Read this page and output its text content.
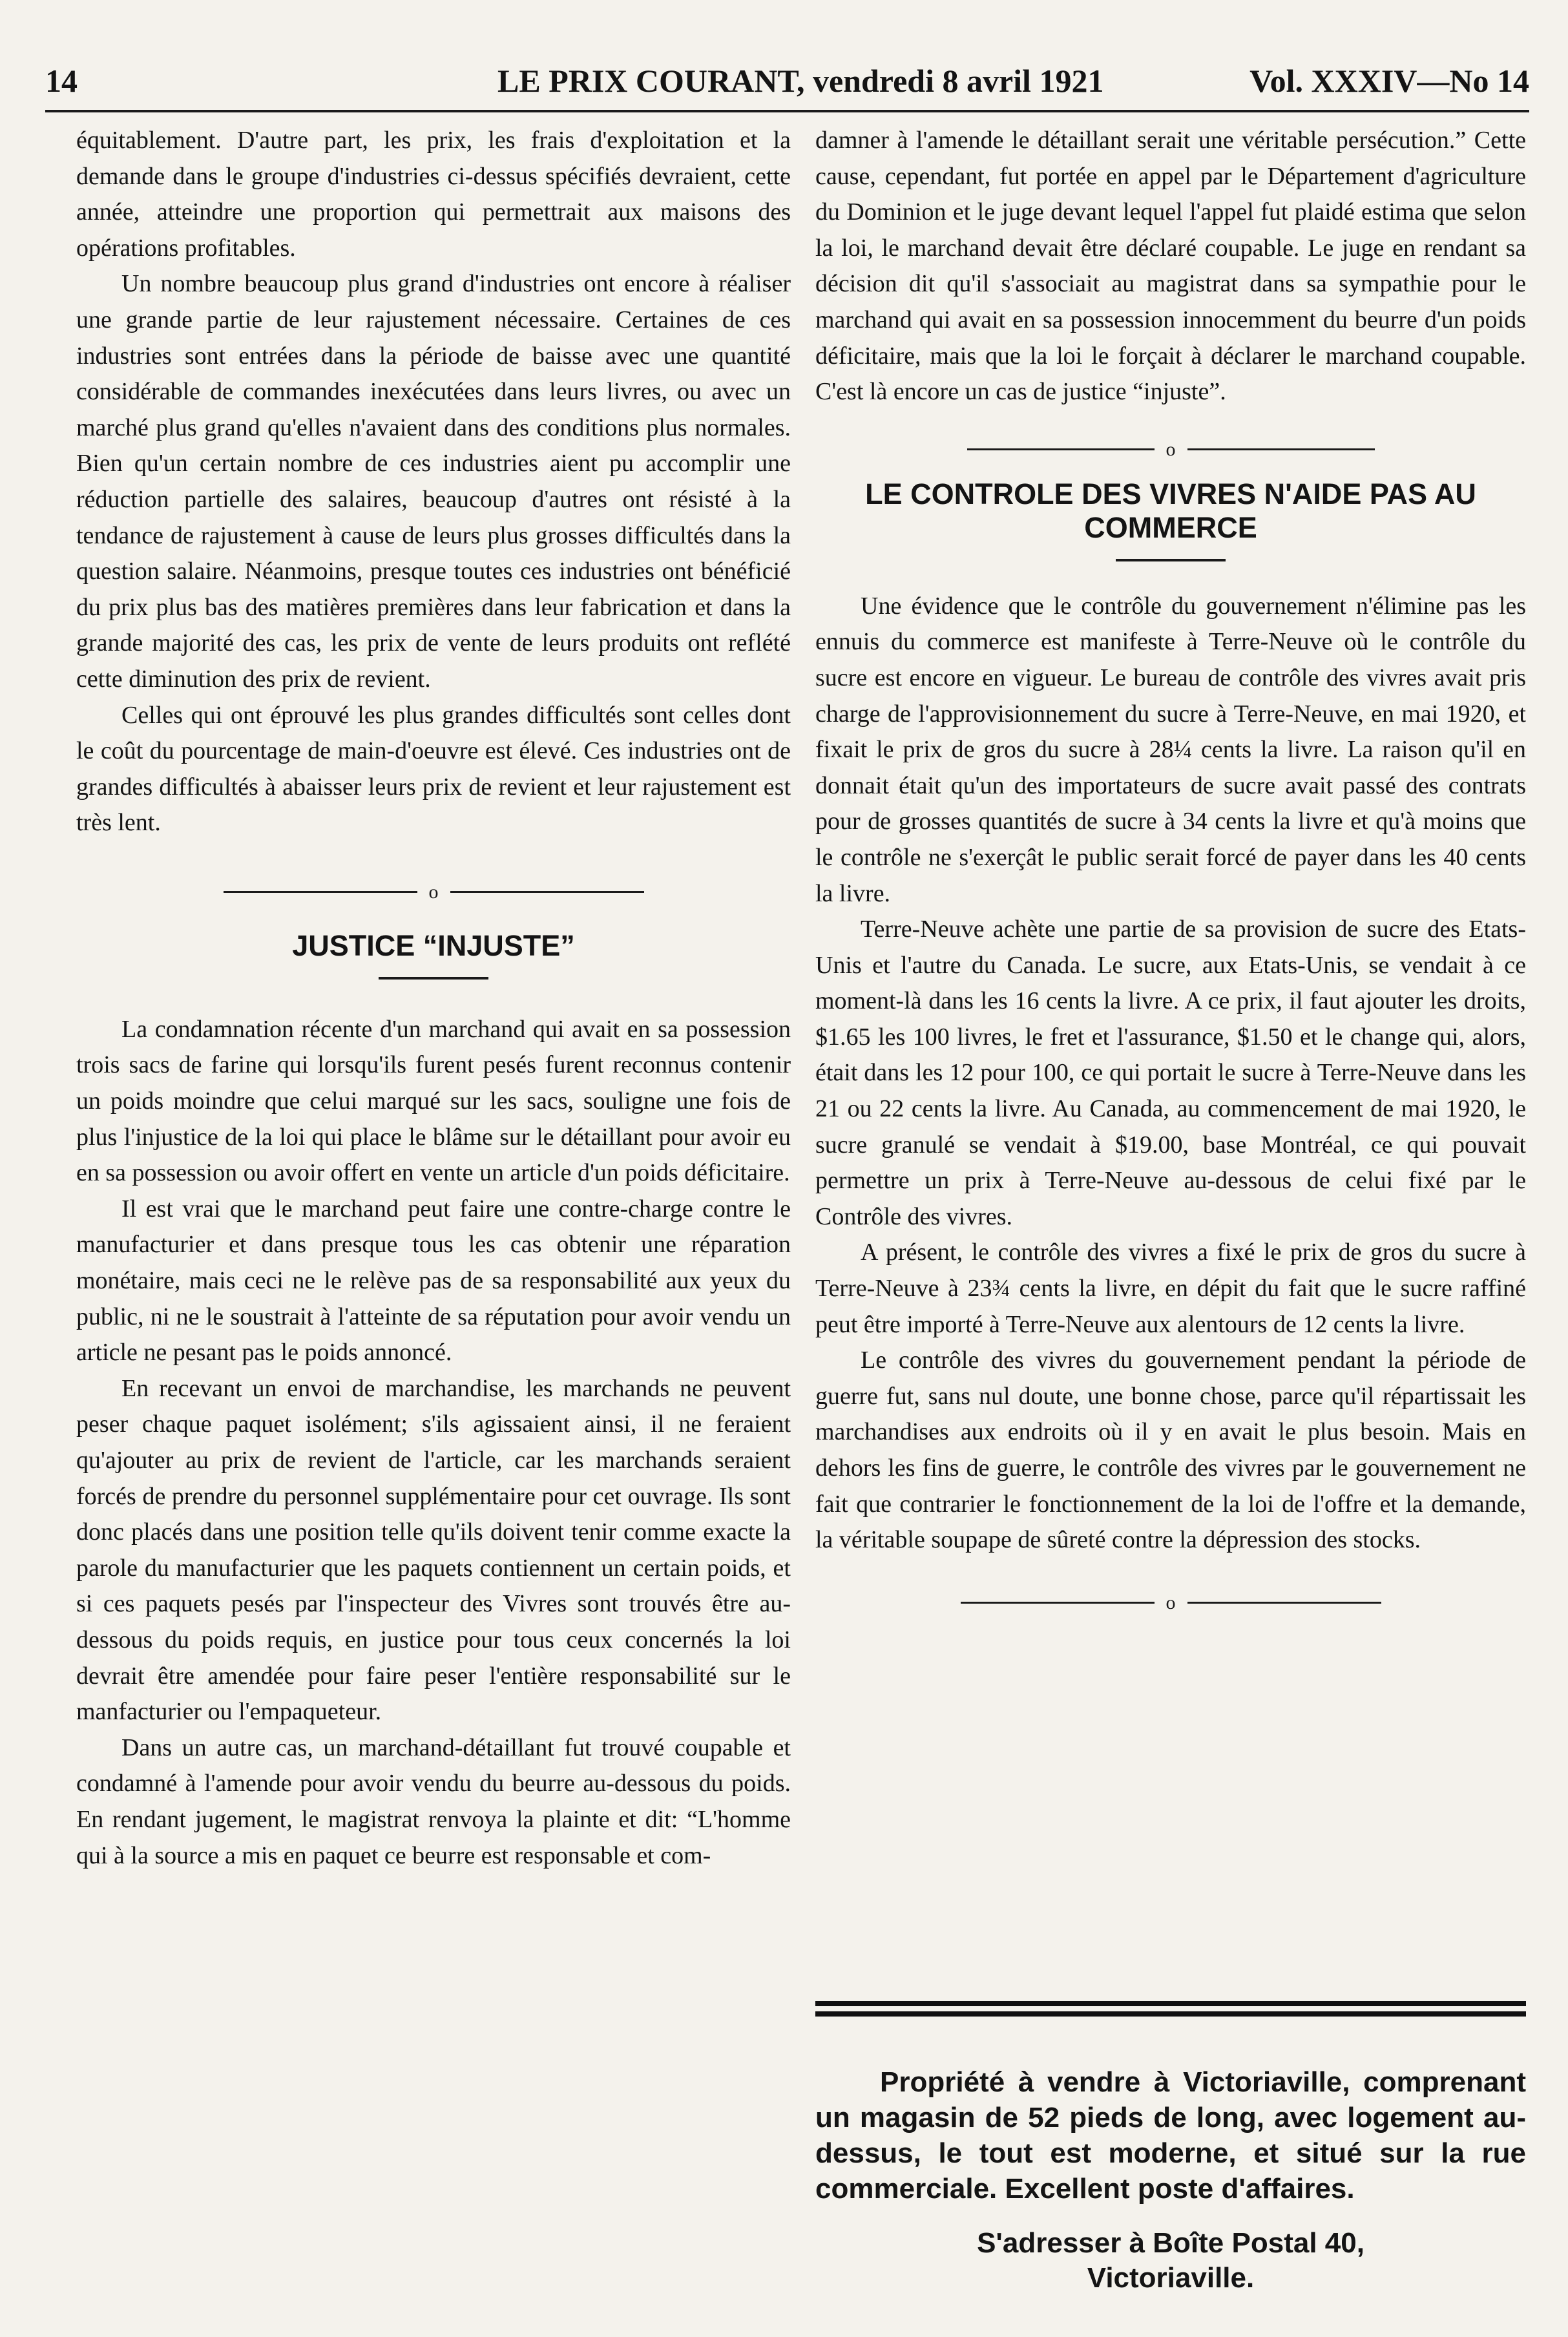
14	LE PRIX COURANT, vendredi 8 avril 1921	Vol. XXXIV—No 14

équitablement. D'autre part, les prix, les frais d'exploitation et la demande dans le groupe d'industries ci-dessus spécifiés devraient, cette année, atteindre une proportion qui permettrait aux maisons des opérations profitables.

Un nombre beaucoup plus grand d'industries ont encore à réaliser une grande partie de leur rajustement nécessaire. Certaines de ces industries sont entrées dans la période de baisse avec une quantité considérable de commandes inexécutées dans leurs livres, ou avec un marché plus grand qu'elles n'avaient dans des conditions plus normales. Bien qu'un certain nombre de ces industries aient pu accomplir une réduction partielle des salaires, beaucoup d'autres ont résisté à la tendance de rajustement à cause de leurs plus grosses difficultés dans la question salaire. Néanmoins, presque toutes ces industries ont bénéficié du prix plus bas des matières premières dans leur fabrication et dans la grande majorité des cas, les prix de vente de leurs produits ont reflété cette diminution des prix de revient.

Celles qui ont éprouvé les plus grandes difficultés sont celles dont le coût du pourcentage de main-d'oeuvre est élevé. Ces industries ont de grandes difficultés à abaisser leurs prix de revient et leur rajustement est très lent.

o
JUSTICE “INJUSTE”

La condamnation récente d'un marchand qui avait en sa possession trois sacs de farine qui lorsqu'ils furent pesés furent reconnus contenir un poids moindre que celui marqué sur les sacs, souligne une fois de plus l'injustice de la loi qui place le blâme sur le détaillant pour avoir eu en sa possession ou avoir offert en vente un article d'un poids déficitaire.

Il est vrai que le marchand peut faire une contre-charge contre le manufacturier et dans presque tous les cas obtenir une réparation monétaire, mais ceci ne le relève pas de sa responsabilité aux yeux du public, ni ne le soustrait à l'atteinte de sa réputation pour avoir vendu un article ne pesant pas le poids annoncé.

En recevant un envoi de marchandise, les marchands ne peuvent peser chaque paquet isolément; s'ils agissaient ainsi, il ne feraient qu'ajouter au prix de revient de l'article, car les marchands seraient forcés de prendre du personnel supplémentaire pour cet ouvrage. Ils sont donc placés dans une position telle qu'ils doivent tenir comme exacte la parole du manufacturier que les paquets contiennent un certain poids, et si ces paquets pesés par l'inspecteur des Vivres sont trouvés être au-dessous du poids requis, en justice pour tous ceux concernés la loi devrait être amendée pour faire peser l'entière responsabilité sur le manfacturier ou l'empaqueteur.

Dans un autre cas, un marchand-détaillant fut trouvé coupable et condamné à l'amende pour avoir vendu du beurre au-dessous du poids. En rendant jugement, le magistrat renvoya la plainte et dit: “L'homme qui à la source a mis en paquet ce beurre est responsable et com-

damner à l'amende le détaillant serait une véritable persécution.” Cette cause, cependant, fut portée en appel par le Département d'agriculture du Dominion et le juge devant lequel l'appel fut plaidé estima que selon la loi, le marchand devait être déclaré coupable. Le juge en rendant sa décision dit qu'il s'associait au magistrat dans sa sympathie pour le marchand qui avait en sa possession innocemment du beurre d'un poids déficitaire, mais que la loi le forçait à déclarer le marchand coupable. C'est là encore un cas de justice “injuste”.

o
LE CONTROLE DES VIVRES N'AIDE PAS AU
COMMERCE

Une évidence que le contrôle du gouvernement n'élimine pas les ennuis du commerce est manifeste à Terre-Neuve où le contrôle du sucre est encore en vigueur. Le bureau de contrôle des vivres avait pris charge de l'approvisionnement du sucre à Terre-Neuve, en mai 1920, et fixait le prix de gros du sucre à 28¼ cents la livre. La raison qu'il en donnait était qu'un des importateurs de sucre avait passé des contrats pour de grosses quantités de sucre à 34 cents la livre et qu'à moins que le contrôle ne s'exerçât le public serait forcé de payer dans les 40 cents la livre.

Terre-Neuve achète une partie de sa provision de sucre des Etats-Unis et l'autre du Canada. Le sucre, aux Etats-Unis, se vendait à ce moment-là dans les 16 cents la livre. A ce prix, il faut ajouter les droits, $1.65 les 100 livres, le fret et l'assurance, $1.50 et le change qui, alors, était dans les 12 pour 100, ce qui portait le sucre à Terre-Neuve dans les 21 ou 22 cents la livre. Au Canada, au commencement de mai 1920, le sucre granulé se vendait à $19.00, base Montréal, ce qui pouvait permettre un prix à Terre-Neuve au-dessous de celui fixé par le Contrôle des vivres.

A présent, le contrôle des vivres a fixé le prix de gros du sucre à Terre-Neuve à 23¾ cents la livre, en dépit du fait que le sucre raffiné peut être importé à Terre-Neuve aux alentours de 12 cents la livre.

Le contrôle des vivres du gouvernement pendant la période de guerre fut, sans nul doute, une bonne chose, parce qu'il répartissait les marchandises aux endroits où il y en avait le plus besoin. Mais en dehors les fins de guerre, le contrôle des vivres par le gouvernement ne fait que contrarier le fonctionnement de la loi de l'offre et la demande, la véritable soupape de sûreté contre la dépression des stocks.

o
Propriété à vendre à Victoriaville, comprenant un magasin de 52 pieds de long, avec logement au-dessus, le tout est moderne, et situé sur la rue commerciale. Excellent poste d'affaires.
S'adresser à Boîte Postal 40,
Victoriaville.
